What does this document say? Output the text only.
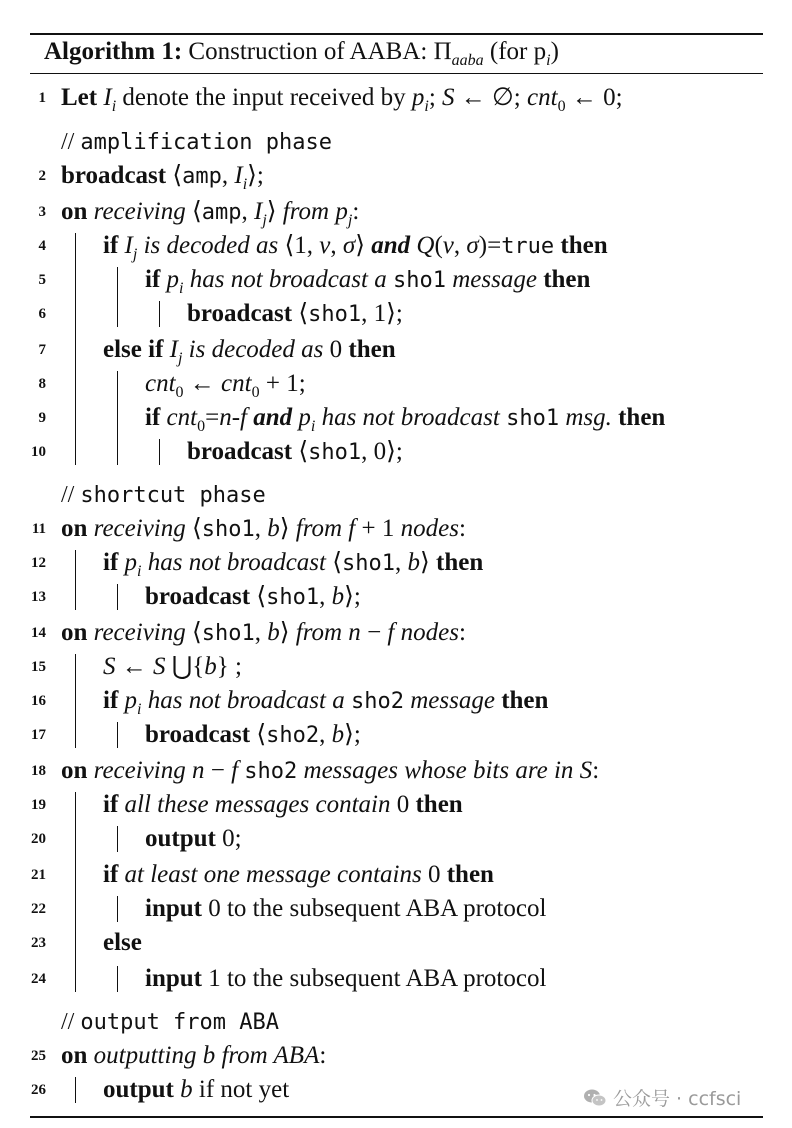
Algorithm 1: Construction of AABA: $\Pi_{aaba}$ (for $p_i$)
1 Let $I_i$ denote the input received by $p_i$; S ← ∅; cnt$_0$ ← 0;
// amplification phase
2 broadcast ⟨amp, $I_i⟩$;
3 on receiving ⟨amp, $I_j⟩$ from $p_j$:
4 if $I_j$ is decoded as ⟨1, v, σ⟩ and Q(v, σ)=true then
5	if $p_i$ has not broadcast a sho1 message then
6	broadcast ⟨sho1, 1⟩;
7 else if $I_j$ is decoded as 0 then
8	cnt$_0$ ← cnt$_0$ + 1;
9	if cnt$_0$=n-f and $p_i$ has not broadcast sho1 msg. then
10	broadcast ⟨sho1, 0⟩;
// shortcut phase
11 on receiving ⟨sho1, b⟩ from f + 1 nodes:
12 if $p_i$ has not broadcast ⟨sho1, b⟩ then
13	broadcast ⟨sho1, b⟩;
14 on receiving ⟨sho1, b⟩ from n − f nodes:
15 S ← S ⋃{b} ;
16 if $p_i$ has not broadcast a sho2 message then
17	broadcast ⟨sho2, b⟩;
18 on receiving n − f sho2 messages whose bits are in S:
19 if all these messages contain 0 then
20	output 0;
21 if at least one message contains 0 then
22	input 0 to the subsequent ABA protocol
23 else
24	input 1 to the subsequent ABA protocol
// output from ABA
25 on outputting b from ABA:
26 output b if not yet	公众号 · ccfsci
